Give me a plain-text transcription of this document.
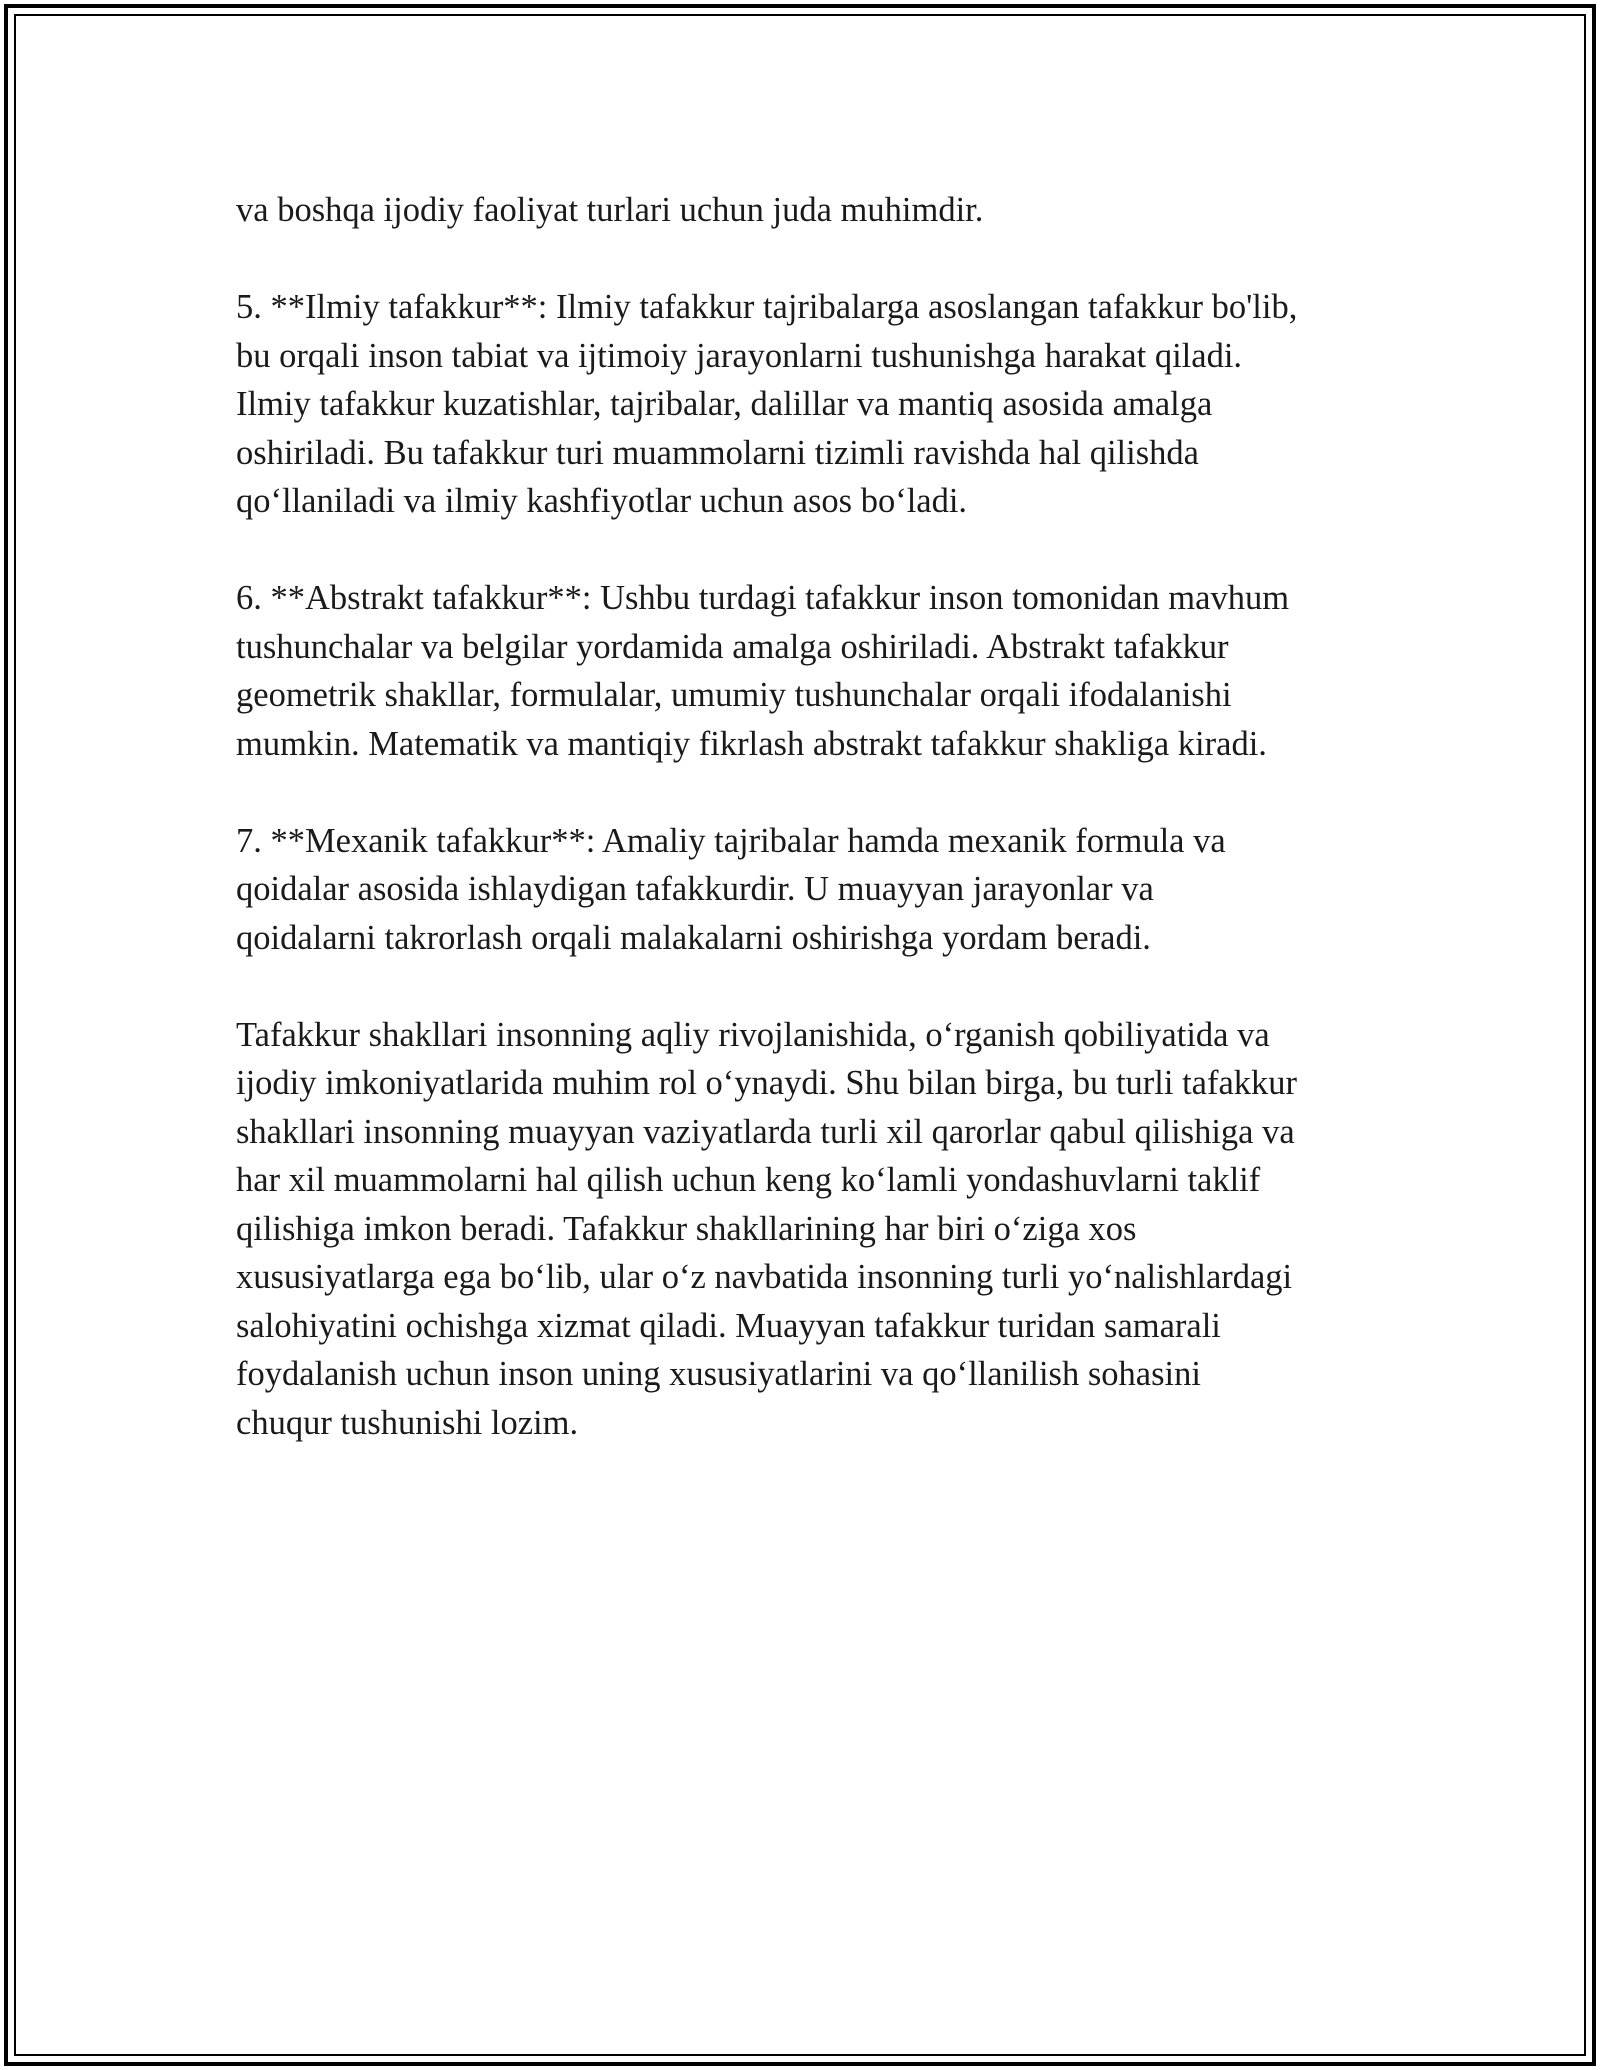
va boshqa ijodiy faoliyat turlari uchun juda muhimdir.

5. **Ilmiy tafakkur**: Ilmiy tafakkur tajribalarga asoslangan tafakkur bo'lib,
bu orqali inson tabiat va ijtimoiy jarayonlarni tushunishga harakat qiladi.
Ilmiy tafakkur kuzatishlar, tajribalar, dalillar va mantiq asosida amalga
oshiriladi. Bu tafakkur turi muammolarni tizimli ravishda hal qilishda
qo‘llaniladi va ilmiy kashfiyotlar uchun asos bo‘ladi.

6. **Abstrakt tafakkur**: Ushbu turdagi tafakkur inson tomonidan mavhum
tushunchalar va belgilar yordamida amalga oshiriladi. Abstrakt tafakkur
geometrik shakllar, formulalar, umumiy tushunchalar orqali ifodalanishi
mumkin. Matematik va mantiqiy fikrlash abstrakt tafakkur shakliga kiradi.

7. **Mexanik tafakkur**: Amaliy tajribalar hamda mexanik formula va
qoidalar asosida ishlaydigan tafakkurdir. U muayyan jarayonlar va
qoidalarni takrorlash orqali malakalarni oshirishga yordam beradi.

Tafakkur shakllari insonning aqliy rivojlanishida, o‘rganish qobiliyatida va
ijodiy imkoniyatlarida muhim rol o‘ynaydi. Shu bilan birga, bu turli tafakkur
shakllari insonning muayyan vaziyatlarda turli xil qarorlar qabul qilishiga va
har xil muammolarni hal qilish uchun keng ko‘lamli yondashuvlarni taklif
qilishiga imkon beradi. Tafakkur shakllarining har biri o‘ziga xos
xususiyatlarga ega bo‘lib, ular o‘z navbatida insonning turli yo‘nalishlardagi
salohiyatini ochishga xizmat qiladi. Muayyan tafakkur turidan samarali
foydalanish uchun inson uning xususiyatlarini va qo‘llanilish sohasini
chuqur tushunishi lozim.
